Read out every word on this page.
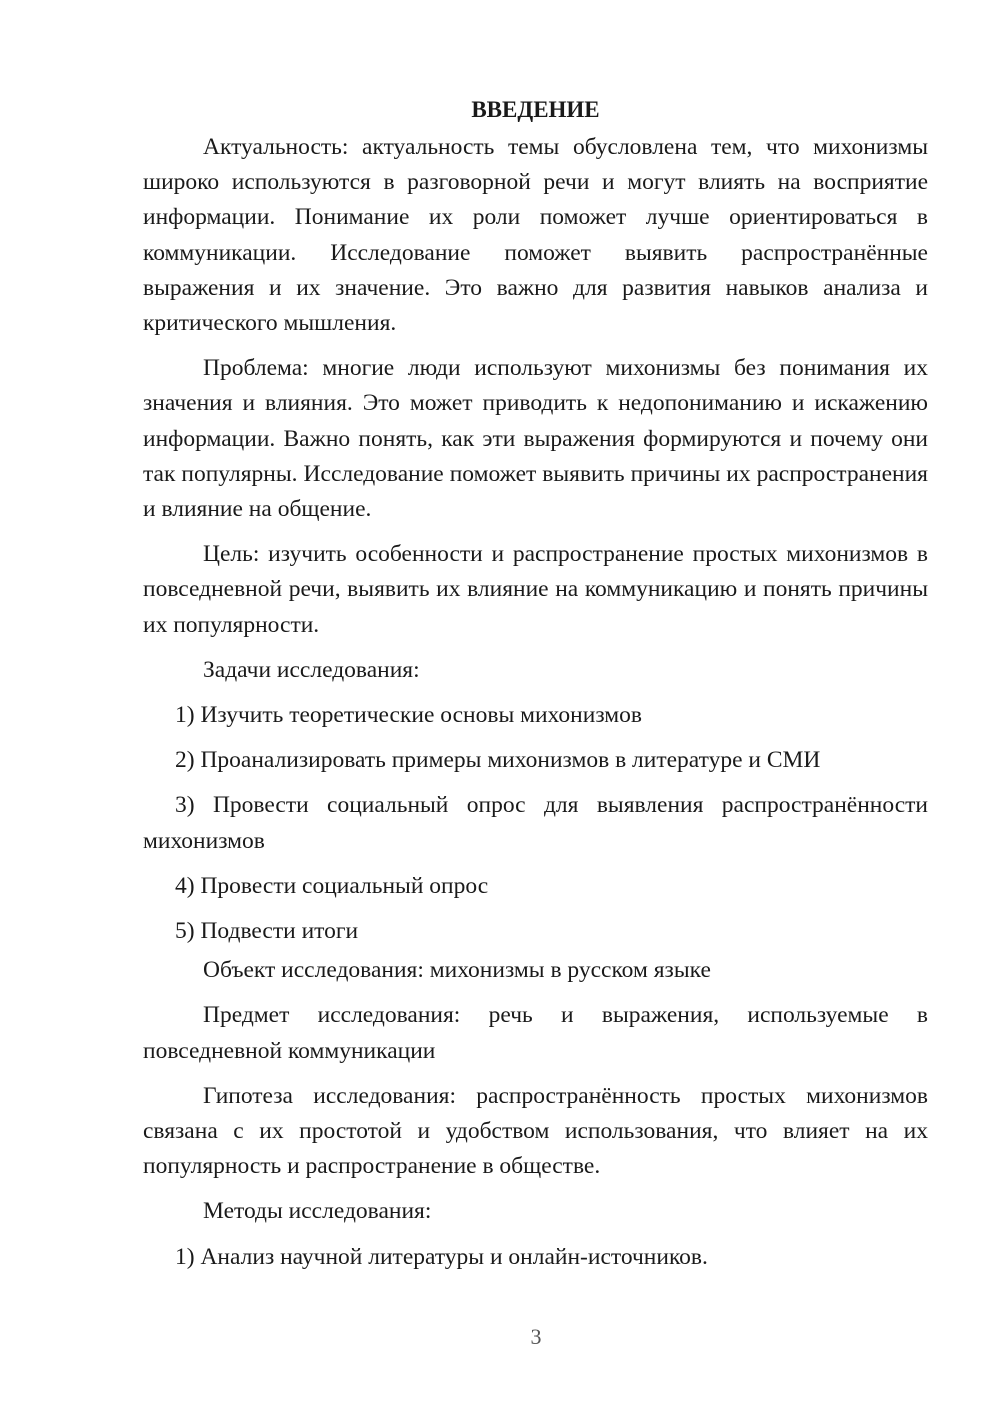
ВВЕДЕНИЕ

Актуальность: актуальность темы обусловлена тем, что михонизмы широко используются в разговорной речи и могут влиять на восприятие информации. Понимание их роли поможет лучше ориентироваться в коммуникации. Исследование поможет выявить распространённые выражения и их значение. Это важно для развития навыков анализа и критического мышления.

Проблема: многие люди используют михонизмы без понимания их значения и влияния. Это может приводить к недопониманию и искажению информации. Важно понять, как эти выражения формируются и почему они так популярны. Исследование поможет выявить причины их распространения и влияние на общение.

Цель: изучить особенности и распространение простых михонизмов в повседневной речи, выявить их влияние на коммуникацию и понять причины их популярности.

Задачи исследования:

1) Изучить теоретические основы михонизмов

2) Проанализировать примеры михонизмов в литературе и СМИ

3) Провести социальный опрос для выявления распространённости михонизмов

4) Провести социальный опрос

5) Подвести итоги

Объект исследования: михонизмы в русском языке

Предмет исследования: речь и выражения, используемые в повседневной коммуникации

Гипотеза исследования: распространённость простых михонизмов связана с их простотой и удобством использования, что влияет на их популярность и распространение в обществе.

Методы исследования:

1) Анализ научной литературы и онлайн-источников.

3
